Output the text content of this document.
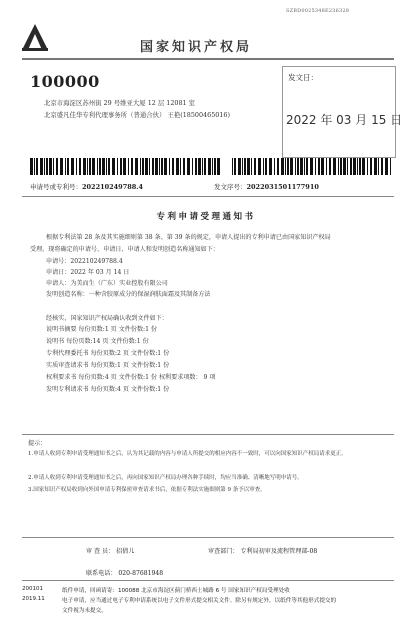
SZBD0025348E236328
国家知识产权局
100000
北京市海淀区苏州街 29 号维亚大厦 12 层 12081 室
北京盛凡佳华专利代理事务所（普通合伙） 王艳(18500465016)
发文日：
2022 年 03 月 15 日
申请号或专利号：202210249788.4	发文序号：2022031501177910
专利申请受理通知书
根据专利法第 28 条及其实施细则第 38 条、第 39 条的规定，申请人提出的专利申请已由国家知识产权局
受理。现将确定的申请号、申请日、申请人和发明创造名称通知如下：
申请号：202210249788.4
申请日：2022 年 03 月 14 日
申请人：为美而生（广东）实业控股有限公司
发明创造名称：一种含胶原成分的保湿润肤面霜及其制备方法
经核实，国家知识产权局确认收到文件如下：
说明书摘要 每份页数:1 页 文件份数:1 份
说明书 每份页数:14 页 文件份数:1 份
专利代理委托书 每份页数:2 页 文件份数:1 份
实质审查请求书 每份页数:1 页 文件份数:1 份
权利要求书 每份页数:4 页 文件份数:1 份 权利要求项数： 9 项
发明专利请求书 每份页数:4 页 文件份数:1 份
提示：
1.申请人收到专利申请受理通知书之后，认为其记载的内容与申请人所提交的相应内容不一致时，可以向国家知识产权局请求更正。
2.申请人收到专利申请受理通知书之后，再向国家知识产权局办理各种手续时，均应当准确、清晰地写明申请号。
3.国家知识产权局收到向外国申请专利保密审查请求书后，依据专利法实施细则第 9 条予以审查。
审 查 员： 招倩儿	审查部门： 专利局初审及流程管理部-08
联系电话： 020-87681948
200101
2019.11
纸件申请，回函请寄：100088 北京市海淀区蓟门桥西土城路 6 号 国家知识产权局受理处收
电子申请，应当通过电子专利申请系统以电子文件形式提交相关文件。除另有规定外，以纸件等其他形式提交的
文件视为未提交。
